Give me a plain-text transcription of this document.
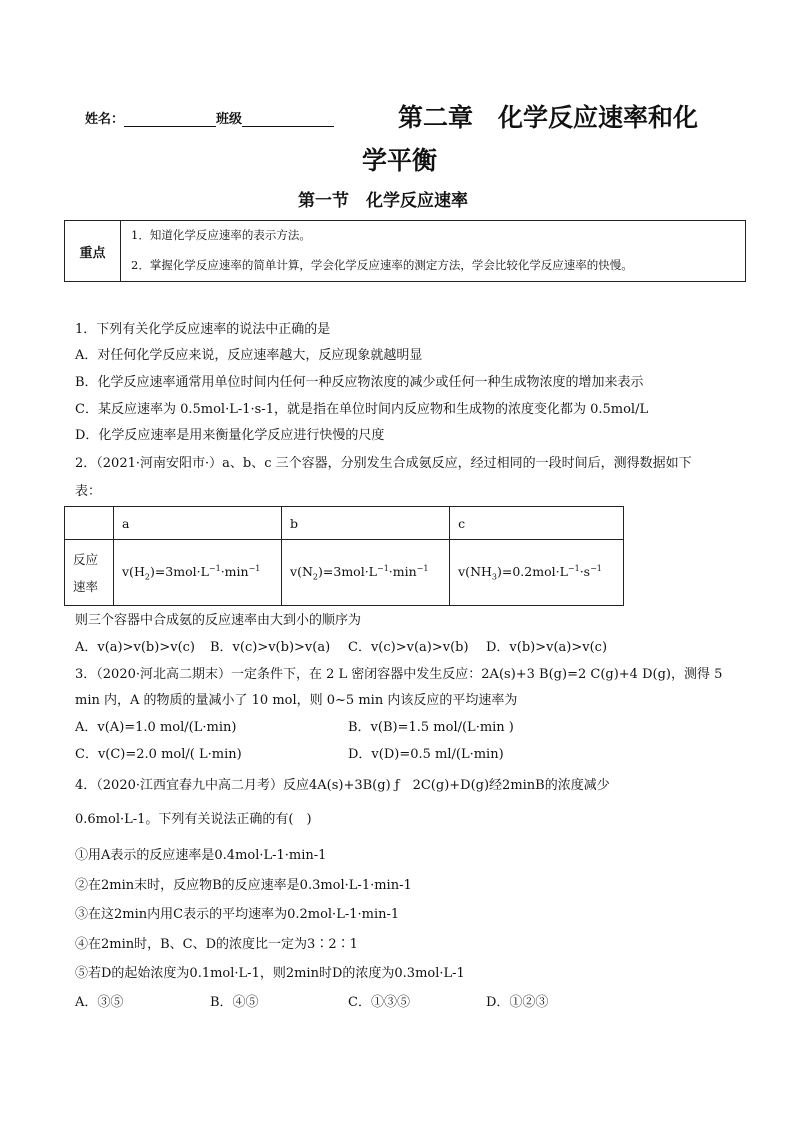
姓名：	班级	第二章　化学反应速率和化
学平衡
第一节　化学反应速率
重点
1．知道化学反应速率的表示方法。
2．掌握化学反应速率的简单计算，学会化学反应速率的测定方法，学会比较化学反应速率的快慢。
1．下列有关化学反应速率的说法中正确的是
A．对任何化学反应来说，反应速率越大，反应现象就越明显
B．化学反应速率通常用单位时间内任何一种反应物浓度的减少或任何一种生成物浓度的增加来表示
C．某反应速率为 0.5mol·L-1·s-1，就是指在单位时间内反应物和生成物的浓度变化都为 0.5mol/L
D．化学反应速率是用来衡量化学反应进行快慢的尺度
2．（2021·河南安阳市·）a、b、c 三个容器，分别发生合成氨反应，经过相同的一段时间后，测得数据如下
表：
	a	b	c
反应
速率	$v(H_2)=3mol\cdot L^{-1}\cdot\min^{-1}$	$v(N_2)=3mol\cdot L^{-1}\cdot\min^{-1}$	$v(NH_3)=0.2mol\cdot L^{-1}\cdot s^{-1}$
则三个容器中合成氨的反应速率由大到小的顺序为
A．v(a)>v(b)>v(c) B．v(c)>v(b)>v(a) C．v(c)>v(a)>v(b) D．v(b)>v(a)>v(c)
3．（2020·河北高二期末）一定条件下，在 2 L 密闭容器中发生反应：2A(s)+3 B(g)=2 C(g)+4 D(g)，测得 5
min 内，A 的物质的量减小了 10 mol，则 0~5 min 内该反应的平均速率为
A．v(A)=1.0 mol/(L·min)	B．v(B)=1.5 mol/(L·min )
C．v(C)=2.0 mol/( L·min)	D．v(D)=0.5 ml/(L·min)
4．（2020·江西宜春九中高二月考）反应4A(s)+3B(g) ƒ　2C(g)+D(g)经2minB的浓度减少
0.6mol·L-1。下列有关说法正确的有(　)
①用A表示的反应速率是0.4mol·L-1·min-1
②在2min末时，反应物B的反应速率是0.3mol·L-1·min-1
③在这2min内用C表示的平均速率为0.2mol·L-1·min-1
④在2min时，B、C、D的浓度比一定为3∶2∶1
⑤若D的起始浓度为0.1mol·L-1，则2min时D的浓度为0.3mol·L-1
A．③⑤	B．④⑤	C．①③⑤	D．①②③
